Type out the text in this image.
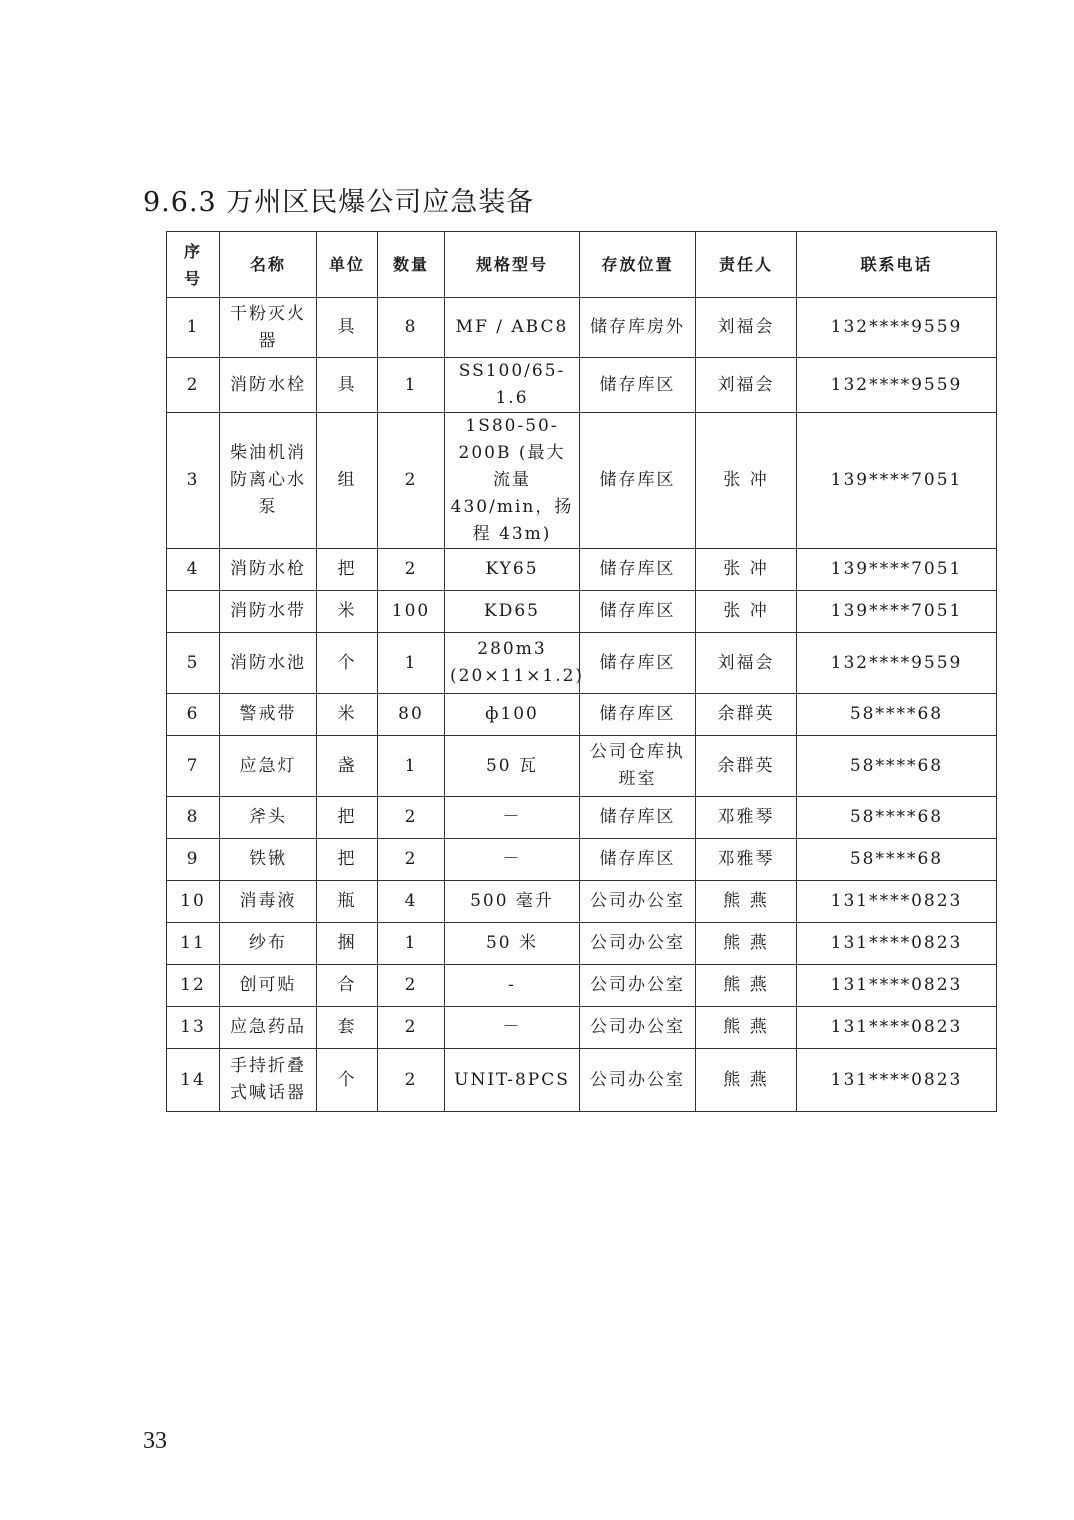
9.6.3 万州区民爆公司应急装备
序号	名称	单位	数量	规格型号	存放位置	责任人	联系电话
1	干粉灭火器	具	8	MF / ABC8	储存库房外	刘福会	132****9559
2	消防水栓	具	1	SS100/65-1.6	储存库区	刘福会	132****9559
3	柴油机消防离心水泵	组	2	1S80-50-200B (最大流量 430/min，扬程 43m)	储存库区	张 冲	139****7051
4	消防水枪	把	2	KY65	储存库区	张 冲	139****7051
	消防水带	米	100	KD65	储存库区	张 冲	139****7051
5	消防水池	个	1	280m3 (20×11×1.2)	储存库区	刘福会	132****9559
6	警戒带	米	80	ф100	储存库区	余群英	58****68
7	应急灯	盏	1	50 瓦	公司仓库执班室	余群英	58****68
8	斧头	把	2	－	储存库区	邓雅琴	58****68
9	铁锹	把	2	－	储存库区	邓雅琴	58****68
10	消毒液	瓶	4	500 毫升	公司办公室	熊 燕	131****0823
11	纱布	捆	1	50 米	公司办公室	熊 燕	131****0823
12	创可贴	合	2	-	公司办公室	熊 燕	131****0823
13	应急药品	套	2	－	公司办公室	熊 燕	131****0823
14	手持折叠式喊话器	个	2	UNIT-8PCS	公司办公室	熊 燕	131****0823
33
